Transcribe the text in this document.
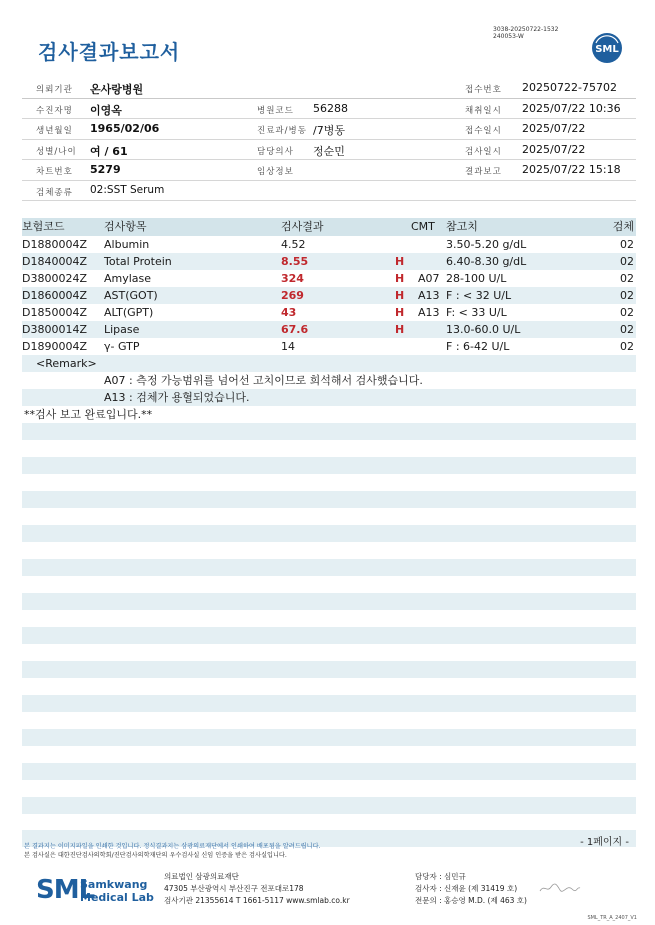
3038-20250722-1532
240053-W
검사결과보고서	SML
의뢰기관 온사랑병원	접수번호 20250722-75702
수진자명 이영옥	병원코드 56288	채취일시 2025/07/22 10:36
생년월일 1965/02/06	진료과/병동 /7병동	접수일시 2025/07/22
성별/나이 여 / 61	담당의사 정순민	검사일시 2025/07/22
차트번호 5279	임상정보	결과보고 2025/07/22 15:18
검체종류 02:SST Serum
보험코드	검사항목	검사결과	CMT 참고치	검체
D1880004Z Albumin	4.52	3.50-5.20 g/dL	02
D1840004Z Total Protein	8.55	H	6.40-8.30 g/dL	02
D3800024Z Amylase	324	H A07 28-100 U/L	02
D1860004Z AST(GOT)	269	H A13 F : < 32 U/L	02
D1850004Z ALT(GPT)	43	H A13 F: < 33 U/L	02
D3800014Z Lipase	67.6	H	13.0-60.0 U/L	02
D1890004Z γ- GTP	14	F : 6-42 U/L	02
<Remark>
A07 : 측정 가능범위를 넘어선 고치이므로 희석해서 검사했습니다.
A13 : 검체가 용혈되었습니다.
**검사 보고 완료입니다.**
- 1페이지 -
본 결과지는 이미지파일을 인쇄한 것입니다. 정식결과지는 삼광의료재단에서 인쇄하여 배포됨을 알려드립니다.
본 검사실은 대한진단검사의학회/진단검사의학재단의 우수검사실 신임 인증을 받은 검사실입니다.
SML
Samkwang
Medical Lab
의료법인 삼광의료재단
47305 부산광역시 부산진구 전포대로178
검사기관 21355614 T 1661-5117 www.smlab.co.kr
담당자 : 심민규
검사자 : 신재윤 (제 31419 호)
전문의 : 홍승영 M.D. (제 463 호)
SML_TR_A_2407_V1
